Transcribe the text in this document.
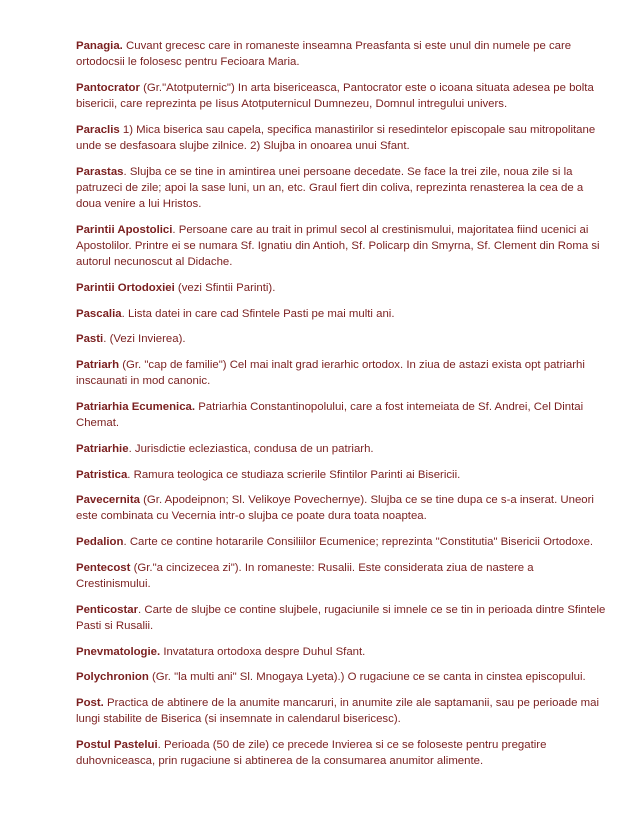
Panagia. Cuvant grecesc care in romaneste inseamna Preasfanta si este unul din numele pe care ortodocsii le folosesc pentru Fecioara Maria.

Pantocrator (Gr."Atotputernic") In arta bisericeasca, Pantocrator este o icoana situata adesea pe bolta bisericii, care reprezinta pe Iisus Atotputernicul Dumnezeu, Domnul intregului univers.

Paraclis 1) Mica biserica sau capela, specifica manastirilor si resedintelor episcopale sau mitropolitane unde se desfasoara slujbe zilnice. 2) Slujba in onoarea unui Sfant.

Parastas. Slujba ce se tine in amintirea unei persoane decedate. Se face la trei zile, noua zile si la patruzeci de zile; apoi la sase luni, un an, etc. Graul fiert din coliva, reprezinta renasterea la cea de a doua venire a lui Hristos.

Parintii Apostolici. Persoane care au trait in primul secol al crestinismului, majoritatea fiind ucenici ai Apostolilor. Printre ei se numara Sf. Ignatiu din Antioh, Sf. Policarp din Smyrna, Sf. Clement din Roma si autorul necunoscut al Didache.

Parintii Ortodoxiei (vezi Sfintii Parinti).

Pascalia. Lista datei in care cad Sfintele Pasti pe mai multi ani.

Pasti. (Vezi Invierea).

Patriarh (Gr. "cap de familie") Cel mai inalt grad ierarhic ortodox. In ziua de astazi exista opt patriarhi inscaunati in mod canonic.

Patriarhia Ecumenica. Patriarhia Constantinopolului, care a fost intemeiata de Sf. Andrei, Cel Dintai Chemat.

Patriarhie. Jurisdictie ecleziastica, condusa de un patriarh.

Patristica. Ramura teologica ce studiaza scrierile Sfintilor Parinti ai Bisericii.

Pavecernita (Gr. Apodeipnon; Sl. Velikoye Povechernye). Slujba ce se tine dupa ce s-a inserat. Uneori este combinata cu Vecernia intr-o slujba ce poate dura toata noaptea.

Pedalion. Carte ce contine hotararile Consiliilor Ecumenice; reprezinta "Constitutia" Bisericii Ortodoxe.

Pentecost (Gr."a cincizecea zi"). In romaneste: Rusalii. Este considerata ziua de nastere a Crestinismului.

Penticostar. Carte de slujbe ce contine slujbele, rugaciunile si imnele ce se tin in perioada dintre Sfintele Pasti si Rusalii.

Pnevmatologie. Invatatura ortodoxa despre Duhul Sfant.

Polychronion (Gr. "la multi ani" Sl. Mnogaya Lyeta).) O rugaciune ce se canta in cinstea episcopului.

Post. Practica de abtinere de la anumite mancaruri, in anumite zile ale saptamanii, sau pe perioade mai lungi stabilite de Biserica (si insemnate in calendarul bisericesc).

Postul Pastelui. Perioada (50 de zile) ce precede Invierea si ce se foloseste pentru pregatire duhovniceasca, prin rugaciune si abtinerea de la consumarea anumitor alimente.
